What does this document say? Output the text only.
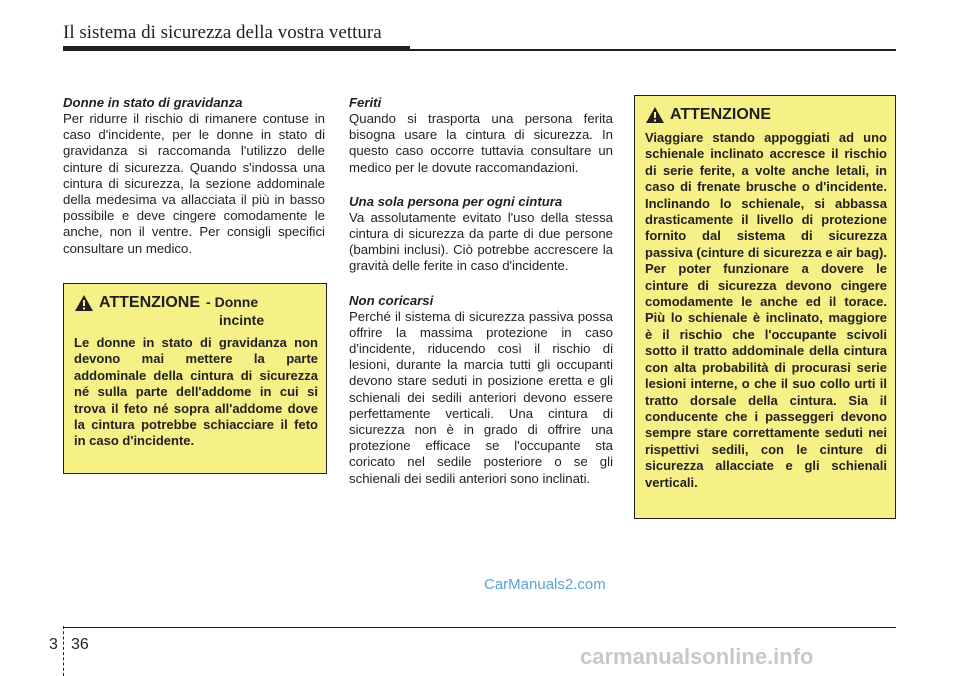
Il sistema di sicurezza della vostra vettura

Donne in stato di gravidanza

Per ridurre il rischio di rimanere contuse in caso d'incidente, per le donne in stato di gravidanza si raccomanda l'utilizzo delle cinture di sicurezza. Quando s'indossa una cintura di sicurezza, la sezione addominale della medesima va allacciata il più in basso possibile e deve cingere comodamente le anche, non il ventre. Per consigli specifici consultare un medico.

ATTENZIONE - Donne
incinte

Le donne in stato di gravidanza non devono mai mettere la parte addominale della cintura di sicurezza né sulla parte dell'addome in cui si trova il feto né sopra all'addome dove la cintura potrebbe schiacciare il feto in caso d'incidente.

Feriti

Quando si trasporta una persona ferita bisogna usare la cintura di sicurezza. In questo caso occorre tuttavia consultare un medico per le dovute raccomandazioni.

Una sola persona per ogni cintura

Va assolutamente evitato l'uso della stessa cintura di sicurezza da parte di due persone (bambini inclusi). Ciò potrebbe accrescere la gravità delle ferite in caso d'incidente.

Non coricarsi

Perché il sistema di sicurezza passiva possa offrire la massima protezione in caso d'incidente, riducendo così il rischio di lesioni, durante la marcia tutti gli occupanti devono stare seduti in posizione eretta e gli schienali dei sedili anteriori devono essere perfettamente verticali. Una cintura di sicurezza non è in grado di offrire una protezione efficace se l'occupante sta coricato nel sedile posteriore o se gli schienali dei sedili anteriori sono inclinati.

ATTENZIONE

Viaggiare stando appoggiati ad uno schienale inclinato accresce il rischio di serie ferite, a volte anche letali, in caso di frenate brusche o d'incidente. Inclinando lo schienale, si abbassa drasticamente il livello di protezione fornito dal sistema di sicurezza passiva (cinture di sicurezza e air bag). Per poter funzionare a dovere le cinture di sicurezza devono cingere comodamente le anche ed il torace. Più lo schienale è inclinato, maggiore è il rischio che l'occupante scivoli sotto il tratto addominale della cintura con alta probabilità di procurasi serie lesioni interne, o che il suo collo urti il tratto dorsale della cintura. Sia il conducente che i passeggeri devono sempre stare correttamente seduti nei rispettivi sedili, con le cinture di sicurezza allacciate e gli schienali verticali.

CarManuals2.com
3 36	carmanualsonline.info
